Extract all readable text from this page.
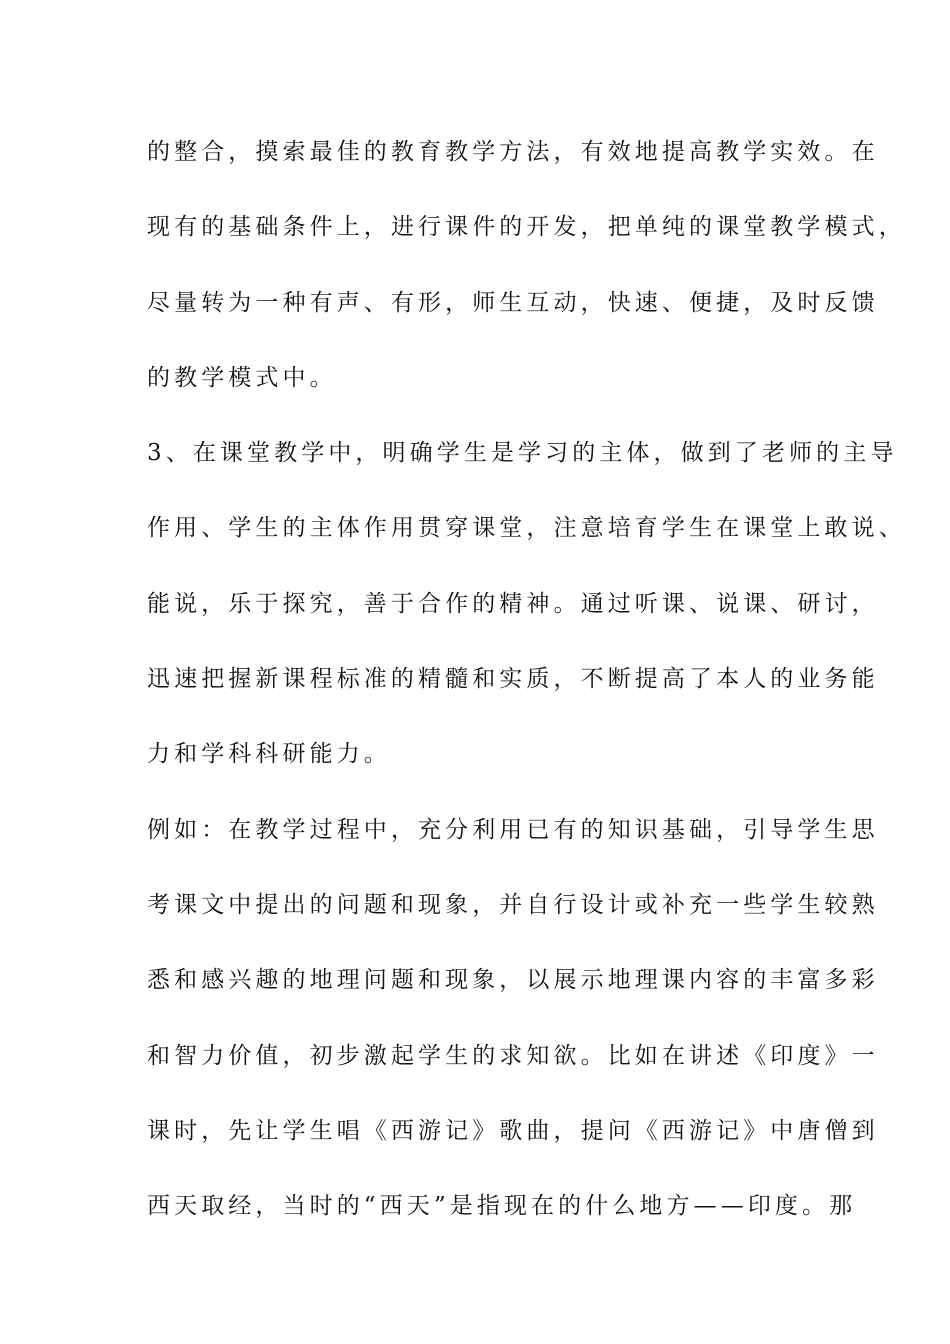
的整合，摸索最佳的教育教学方法，有效地提高教学实效。在
现有的基础条件上，进行课件的开发，把单纯的课堂教学模式，
尽量转为一种有声、有形，师生互动，快速、便捷，及时反馈
的教学模式中。
3、在课堂教学中，明确学生是学习的主体，做到了老师的主导
作用、学生的主体作用贯穿课堂，注意培育学生在课堂上敢说、
能说，乐于探究，善于合作的精神。通过听课、说课、研讨，
迅速把握新课程标准的精髓和实质，不断提高了本人的业务能
力和学科科研能力。
例如：在教学过程中，充分利用已有的知识基础，引导学生思
考课文中提出的问题和现象，并自行设计或补充一些学生较熟
悉和感兴趣的地理问题和现象，以展示地理课内容的丰富多彩
和智力价值，初步激起学生的求知欲。比如在讲述《印度》一
课时，先让学生唱《西游记》歌曲，提问《西游记》中唐僧到
西天取经，当时的“西天”是指现在的什么地方——印度。那
